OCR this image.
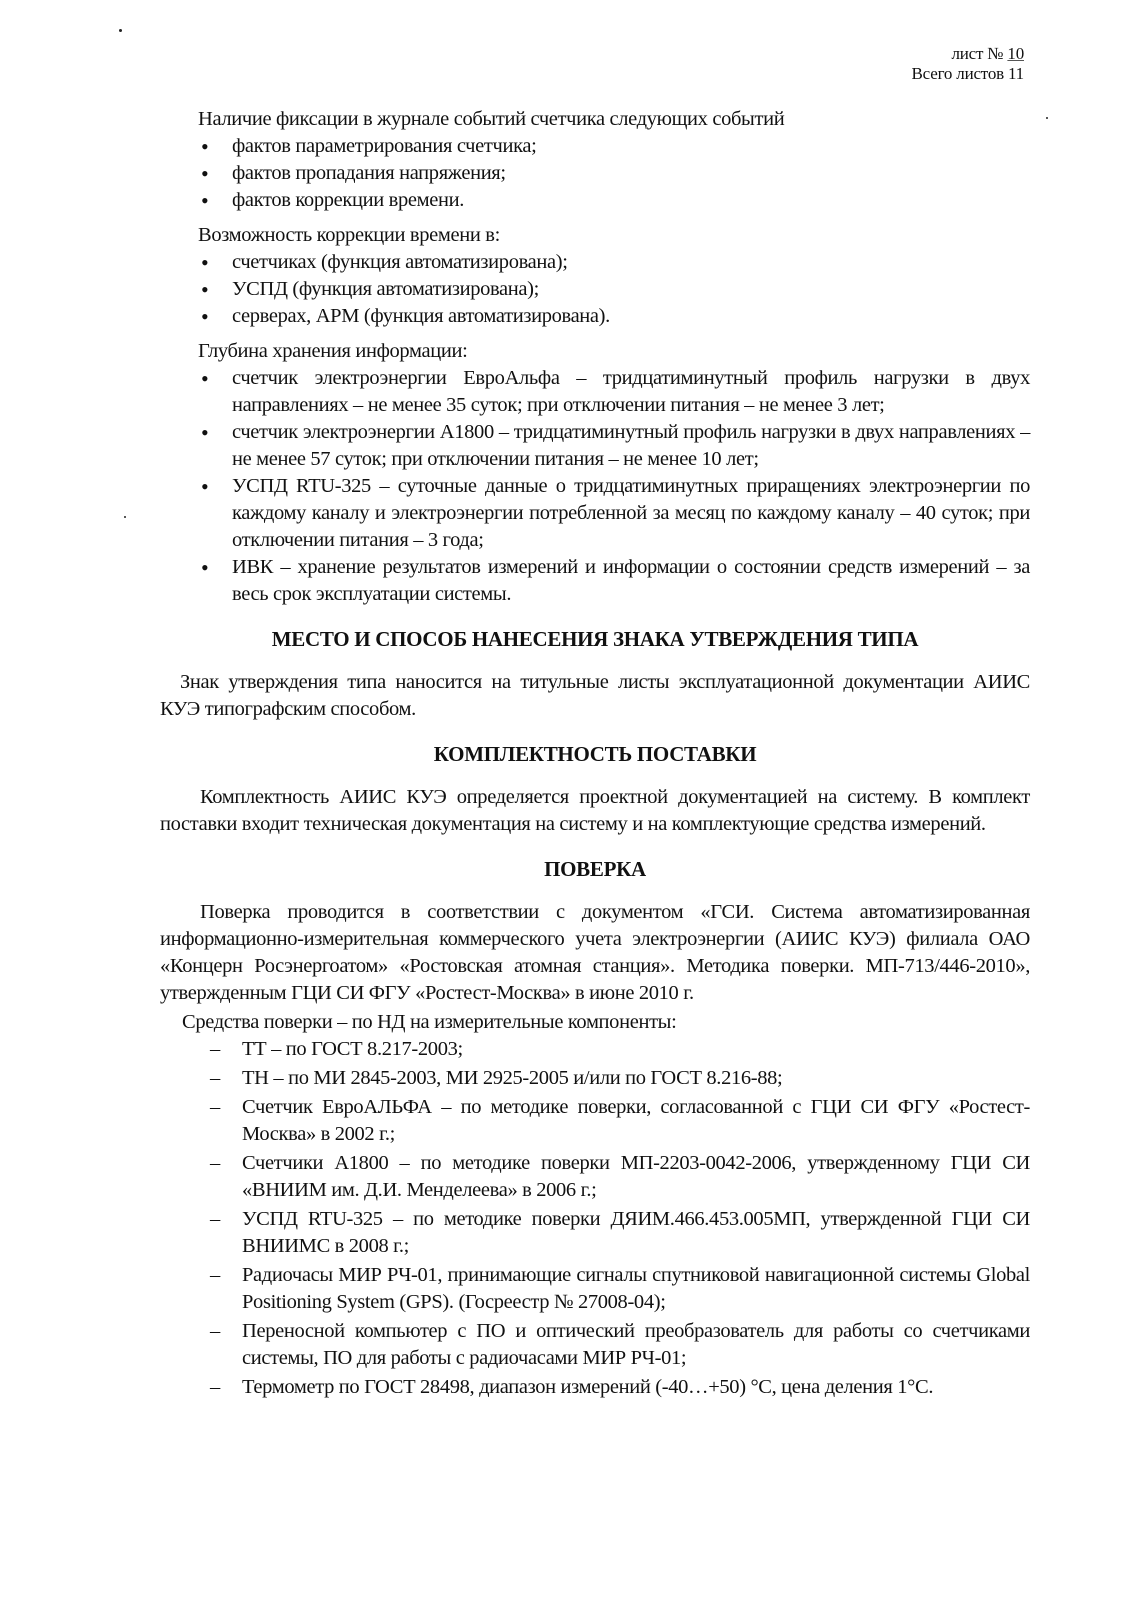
лист № 10
Всего листов 11

Наличие фиксации в журнале событий счетчика следующих событий

• фактов параметрирования счетчика;
• фактов пропадания напряжения;
• фактов коррекции времени.

Возможность коррекции времени в:

• счетчиках (функция автоматизирована);
• УСПД (функция автоматизирована);
• серверах, АРМ (функция автоматизирована).

Глубина хранения информации:

• счетчик электроэнергии ЕвроАльфа – тридцатиминутный профиль нагрузки в двух направлениях – не менее 35 суток; при отключении питания – не менее 3 лет;
• счетчик электроэнергии А1800 – тридцатиминутный профиль нагрузки в двух направлениях – не менее 57 суток; при отключении питания – не менее 10 лет;
• УСПД RTU-325 – суточные данные о тридцатиминутных приращениях электроэнергии по каждому каналу и электроэнергии потребленной за месяц по каждому каналу – 40 суток; при отключении питания – 3 года;
• ИВК – хранение результатов измерений и информации о состоянии средств измерений – за весь срок эксплуатации системы.
МЕСТО И СПОСОБ НАНЕСЕНИЯ ЗНАКА УТВЕРЖДЕНИЯ ТИПА

Знак утверждения типа наносится на титульные листы эксплуатационной документации АИИС КУЭ типографским способом.

КОМПЛЕКТНОСТЬ ПОСТАВКИ

Комплектность АИИС КУЭ определяется проектной документацией на систему. В комплект поставки входит техническая документация на систему и на комплектующие средства измерений.

ПОВЕРКА

Поверка проводится в соответствии с документом «ГСИ. Система автоматизированная информационно-измерительная коммерческого учета электроэнергии (АИИС КУЭ) филиала ОАО «Концерн Росэнергоатом» «Ростовская атомная станция». Методика поверки. МП-713/446-2010», утвержденным ГЦИ СИ ФГУ «Ростест-Москва» в июне 2010 г.

Средства поверки – по НД на измерительные компоненты:

– ТТ – по ГОСТ 8.217-2003;
– ТН – по МИ 2845-2003, МИ 2925-2005 и/или по ГОСТ 8.216-88;
– Счетчик ЕвроАЛЬФА – по методике поверки, согласованной с ГЦИ СИ ФГУ «Ростест-Москва» в 2002 г.;
– Счетчики А1800 – по методике поверки МП-2203-0042-2006, утвержденному ГЦИ СИ «ВНИИМ им. Д.И. Менделеева» в 2006 г.;
– УСПД RTU-325 – по методике поверки ДЯИМ.466.453.005МП, утвержденной ГЦИ СИ ВНИИМС в 2008 г.;
– Радиочасы МИР РЧ-01, принимающие сигналы спутниковой навигационной системы Global Positioning System (GPS). (Госреестр № 27008-04);
– Переносной компьютер с ПО и оптический преобразователь для работы со счетчиками системы, ПО для работы с радиочасами МИР РЧ-01;
– Термометр по ГОСТ 28498, диапазон измерений (-40…+50) °С, цена деления 1°С.
